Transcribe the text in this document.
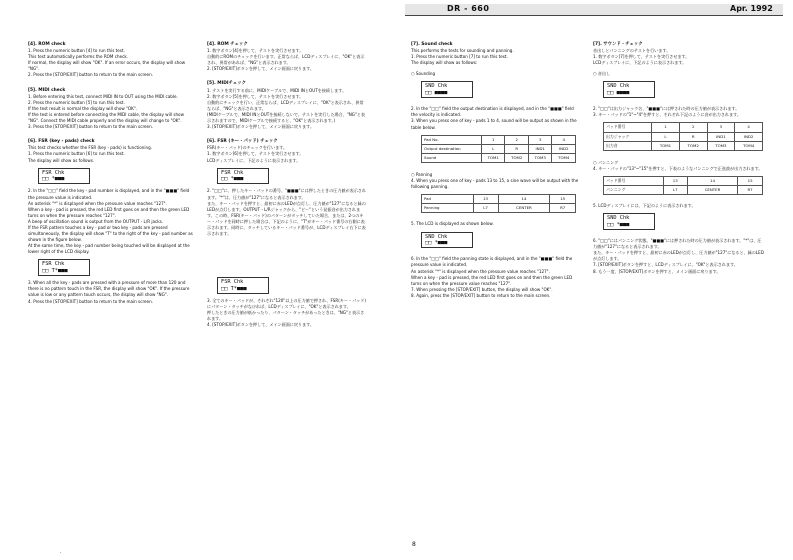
DR - 660	Apr. 1992

[4]. ROM check

1. Press the numeric button [4] to run this test.
This test automatically performs the ROM check.
If normal, the display will show "OK". If an error occurs, the display will show "NG".
2. Press the [STOP/EXIT] button to return to the main screen.

[5]. MIDI check

1. Before entering this test, connect MIDI IN to OUT using the MIDI cable.
2. Press the numeric button [5] to run this test.
If the test result is normal the display will show "OK".
If the test is entered before connecting the MIDI cable, the display will show "NG". Connect the MIDI cable properly and the display will change to "OK".
3. Press the [STOP/EXIT] button to return to the main screen.

[6]. FSR (key - pads) check

This test checks whether the FSR (key - pads) is functioning.
1. Press the numeric button [6] to run this test.
The display will show as follows.

FSR Chk
□□ *■■■

2. In the "□□" field the key - pad number is displayed, and in the "■■■" field the pressure value is indicated.
An asterisk "*" is displayed when the pressure value reaches "127".
When a key - pad is pressed, the red LED first goes on and then the green LED turns on when the pressure reaches "127".
A beep of oscillation sound is output from the OUTPUT - L/R jacks.
If the FSR pattern touches a key - pad or two key - pads are pressed simultaneously, the display will show "T" to the right of the key - pad number as shown in the figure below.
At the same time, the key - pad number being touched will be displayed at the lower right of the LCD display.

FSR Chk
□□ T*■■■

3. When all the key - pads are pressed with a pressure of more than 120 and there is no pattern touch in the FSR, the display will show "OK". If the pressure value is low or any pattern touch occurs, the display will show "NG".
4. Press the [STOP/EXIT] button to return to the main screen.

[4]. ROM チェック

1. 数字ボタン[4]を押して、テストを実行させます。
自動的にROMのチェックを行います。正常ならば、LCDディスプレイに、"OK"と表示され、異常があれば、"NG"と表示されます。
2. [STOP/EXIT]ボタンを押して、メイン画面に戻ります。

[5]. MIDIチェック

1. テストを実行する前に、MIDIケーブルで、MIDI INとOUTを接続します。
2. 数字ボタン[5]を押して、テストを実行させます。
自動的にチェックを行い、正常ならば、LCDディスプレイに、"OK"と表示され、異常ならば、"NG"と表示されます。
(MIDIケーブルで、MIDI INとOUTを接続しないで、テストを実行した場合、"NG"と表示されますので、MIDIケーブルで接続すると、"OK"と表示されます。)
3. [STOP/EXIT]ボタンを押して、メイン画面に戻ります。

[6]. FSR (キー・パッド) チェック

FSR(キー・パッド)のチェックを行います。
1. 数字ボタン[6]を押して、テストを実行させます。
LCDディスプレイに、下記のように表示されます。

FSR Chk
□□ *■■■

2. "□□"に、押したキー・パッドの番号、"■■■"には押したときの圧力値が表示されます。"*"は、圧力値が"127"になると表示されます。
また、キー・パッドを押すと、最初に赤のLEDが点灯し、圧力値が"127"になると緑のLEDが点灯します。OUTPUT - L/Rジャックから、"ピー"という発振音が出力されます。この時、FSR(キー・パッド)のパターンがタッチしていた場合、または、2つのキー・パッドを同時に押した場合は、下記のように、"T"がキー・パッド番号の右側に表示されます。同時に、タッチしているキー・パッド番号が、LCDディスプレイ右下に表示されます。

FSR Chk
□□ T*■■■

3. 全てのキー・パッドが、それぞれ"120"以上の圧力値で押され、FSR(キー・パッド)にパターン・タッチがなければ、LCDディスプレイに、"OK"と表示されます。
押したときの圧力値が低かったり、パターン・タッチがあったときは、"NG"と表示されます。
4. [STOP/EXIT]ボタンを押して、メイン画面に戻ります。

[7]. Sound check

This performs the tests for sounding and panning.
1. Press the numeric button [7] to run this test.
The display will show as follows:

○ Sounding

SND Chk
□□ ■■■■

2. In the "□□" field the output destination is displayed, and in the "■■■" field the velocity is indicated.
3. When you press one of key - pads 1 to 4, sound will be output as shown in the table below.

Pad No.	1	2	3	4
Output destination	L	R	IND1	IND2
Sound	TOM1	TOM2	TOM3	TOM4

○ Panning

4. When you press one of key - pads 13 to 15, a sine wave will be output with the following panning.

Pad	13	14	15
Panning	L7	CENTER	R7

5. The LCD is displayed as shown below.

SND Chk
□□ *■■■

6. In the "□□" field the panning state is displayed, and in the "■■■" field the pressure value is indicated.
An asterisk "*" is displayed when the pressure value reaches "127".
When a key - pad is pressed, the red LED first goes on and then the green LED turns on when the pressure value reaches "127".
7. When pressing the [STOP/EXIT] button, the display will show "OK".
8. Again, press the [STOP/EXIT] button to return to the main screen.

[7]. サウンド・チェック

音出しとパンニングのテストを行います。
1. 数字ボタン[7]を押して、テストを実行させます。
LCDディスプレイに、下記のように表示されます。

○ 音出し

SND Chk
□□ ■■■■

2. "□□"は出力ジャック名、"■■■"には押された時の圧力値が表示されます。
3. キー・パッドの"1"~"4"を押すと、それぞれ下記のように音が出力されます。

パッド番号	1	2	3	4
出力ジャック	L	R	IND1	IND2
出力音	TOM1	TOM2	TOM3	TOM4

○ パンニング

4. キー・パッドの"13"~"15"を押すと、下表のようなパンニングで正弦波が出力されます。

パッド番号	13	14	15
パンニング	L7	CENTER	R7

5. LCDディスプレイには、下記のように表示されます。

SND Chk
□□ *■■■

6. "□□"にはパンニング状態、"■■■"には押された時の圧力値が表示されます。"*"は、圧力値が"127"になると表示されます。
また、キー・パッドを押すと、最初に赤のLEDが点灯し、圧力値が"127"になると、緑のLEDが点灯します。
7. [STOP/EXIT]ボタンを押すと、LCDディスプレイに、"OK"と表示されます。
8. もう一度、[STOP/EXIT]ボタンを押すと、メイン画面に戻ります。

8
.
